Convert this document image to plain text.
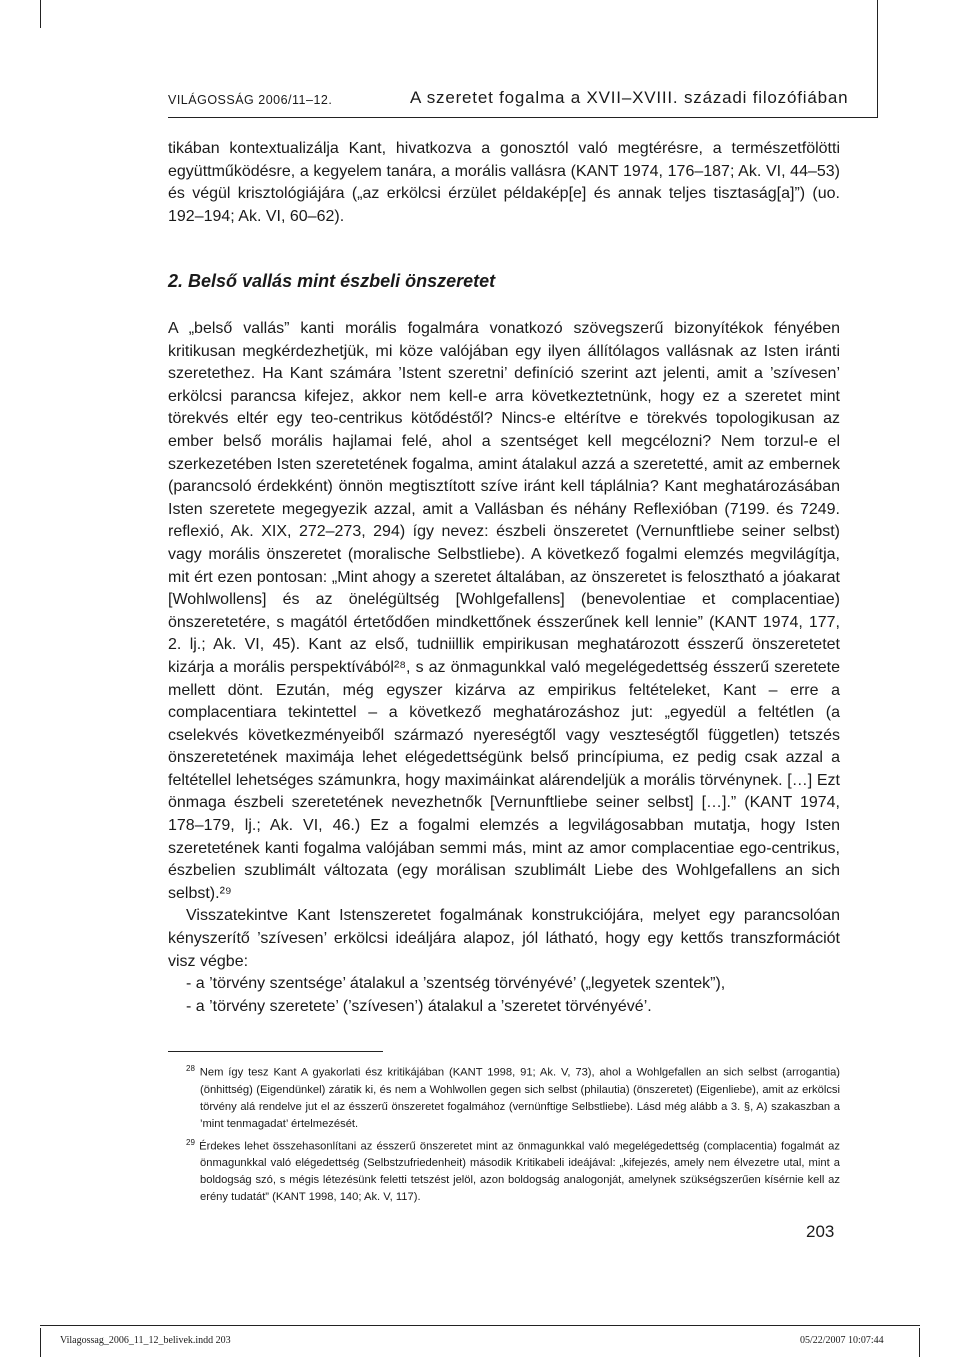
VILÁGOSSÁG 2006/11–12.	A szeretet fogalma a XVII–XVIII. századi filozófiában

tikában kontextualizálja Kant, hivatkozva a gonosztól való megtérésre, a természetfölötti együttműködésre, a kegyelem tanára, a morális vallásra (KANT 1974, 176–187; Ak. VI, 44–53) és végül krisztológiájára („az erkölcsi érzület példakép[e] és annak teljes tisztaság[a]”) (uo. 192–194; Ak. VI, 60–62).

2. Belső vallás mint észbeli önszeretet

A „belső vallás” kanti morális fogalmára vonatkozó szövegszerű bizonyítékok fényében kritikusan megkérdezhetjük, mi köze valójában egy ilyen állítólagos vallásnak az Isten iránti szeretethez. Ha Kant számára ’Istent szeretni’ definíció szerint azt jelenti, amit a ’szívesen’ erkölcsi parancsa kifejez, akkor nem kell-e arra következtetnünk, hogy ez a szeretet mint törekvés eltér egy teo-centrikus kötődéstől? Nincs-e eltérítve e törekvés topologikusan az ember belső morális hajlamai felé, ahol a szentséget kell megcélozni? Nem torzul-e el szerkezetében Isten szeretetének fogalma, amint átalakul azzá a szeretetté, amit az embernek (parancsoló érdekként) önnön megtisztított szíve iránt kell táplálnia? Kant meghatározásában Isten szeretete megegyezik azzal, amit a Vallásban és néhány Reflexióban (7199. és 7249. reflexió, Ak. XIX, 272–273, 294) így nevez: észbeli önszeretet (Vernunftliebe seiner selbst) vagy morális önszeretet (moralische Selbstliebe). A következő fogalmi elemzés megvilágítja, mit ért ezen pontosan: „Mint ahogy a szeretet általában, az önszeretet is felosztható a jóakarat [Wohlwollens] és az önelégültség [Wohlgefallens] (benevolentiae et complacentiae) önszeretetére, s magától értetődően mindkettőnek ésszerűnek kell lennie” (KANT 1974, 177, 2. lj.; Ak. VI, 45). Kant az első, tudniillik empirikusan meghatározott ésszerű önszeretetet kizárja a morális perspektívából²⁸, s az önmagunkkal való megelégedettség ésszerű szeretete mellett dönt. Ezután, még egyszer kizárva az empirikus feltételeket, Kant – erre a complacentiara tekintettel – a következő meghatározáshoz jut: „egyedül a feltétlen (a cselekvés következményeiből származó nyereségtől vagy veszteségtől független) tetszés önszeretetének maximája lehet elégedettségünk belső princípiuma, ez pedig csak azzal a feltétellel lehetséges számunkra, hogy maximáinkat alárendeljük a morális törvénynek. […] Ezt önmaga észbeli szeretetének nevezhetnők [Vernunftliebe seiner selbst] […].” (KANT 1974, 178–179, lj.; Ak. VI, 46.) Ez a fogalmi elemzés a legvilágosabban mutatja, hogy Isten szeretetének kanti fogalma valójában semmi más, mint az amor complacentiae ego-centrikus, észbelien szublimált változata (egy morálisan szublimált Liebe des Wohlgefallens an sich selbst).²⁹

Visszatekintve Kant Istenszeretet fogalmának konstrukciójára, melyet egy parancsolóan kényszerítő ’szívesen’ erkölcsi ideáljára alapoz, jól látható, hogy egy kettős transzformációt visz végbe:

- a ’törvény szentsége’ átalakul a ’szentség törvényévé’ („legyetek szentek”),
- a ’törvény szeretete’ (’szívesen’) átalakul a ’szeretet törvényévé’.

$^{28}$ Nem így tesz Kant A gyakorlati ész kritikájában (KANT 1998, 91; Ak. V, 73), ahol a Wohlgefallen an sich selbst (arrogantia) (önhittség) (Eigendünkel) záratik ki, és nem a Wohlwollen gegen sich selbst (philautia) (önszeretet) (Eigenliebe), amit az erkölcsi törvény alá rendelve jut el az ésszerű önszeretet fogalmához (vernünftige Selbstliebe). Lásd még alább a 3. §, A) szakaszban a ’mint tenmagadat’ értelmezését.

$^{29}$ Érdekes lehet összehasonlítani az ésszerű önszeretet mint az önmagunkkal való megelégedettség (complacentia) fogalmát az önmagunkkal való elégedettség (Selbstzufriedenheit) második Kritikabeli ideájával: „kifejezés, amely nem élvezetre utal, mint a boldogság szó, s mégis létezésünk feletti tetszést jelöl, azon boldogság analogonját, amelynek szükségszerűen kísérnie kell az erény tudatát” (KANT 1998, 140; Ak. V, 117).

203
Vilagossag_2006_11_12_belivek.indd 203	05/22/2007 10:07:44
